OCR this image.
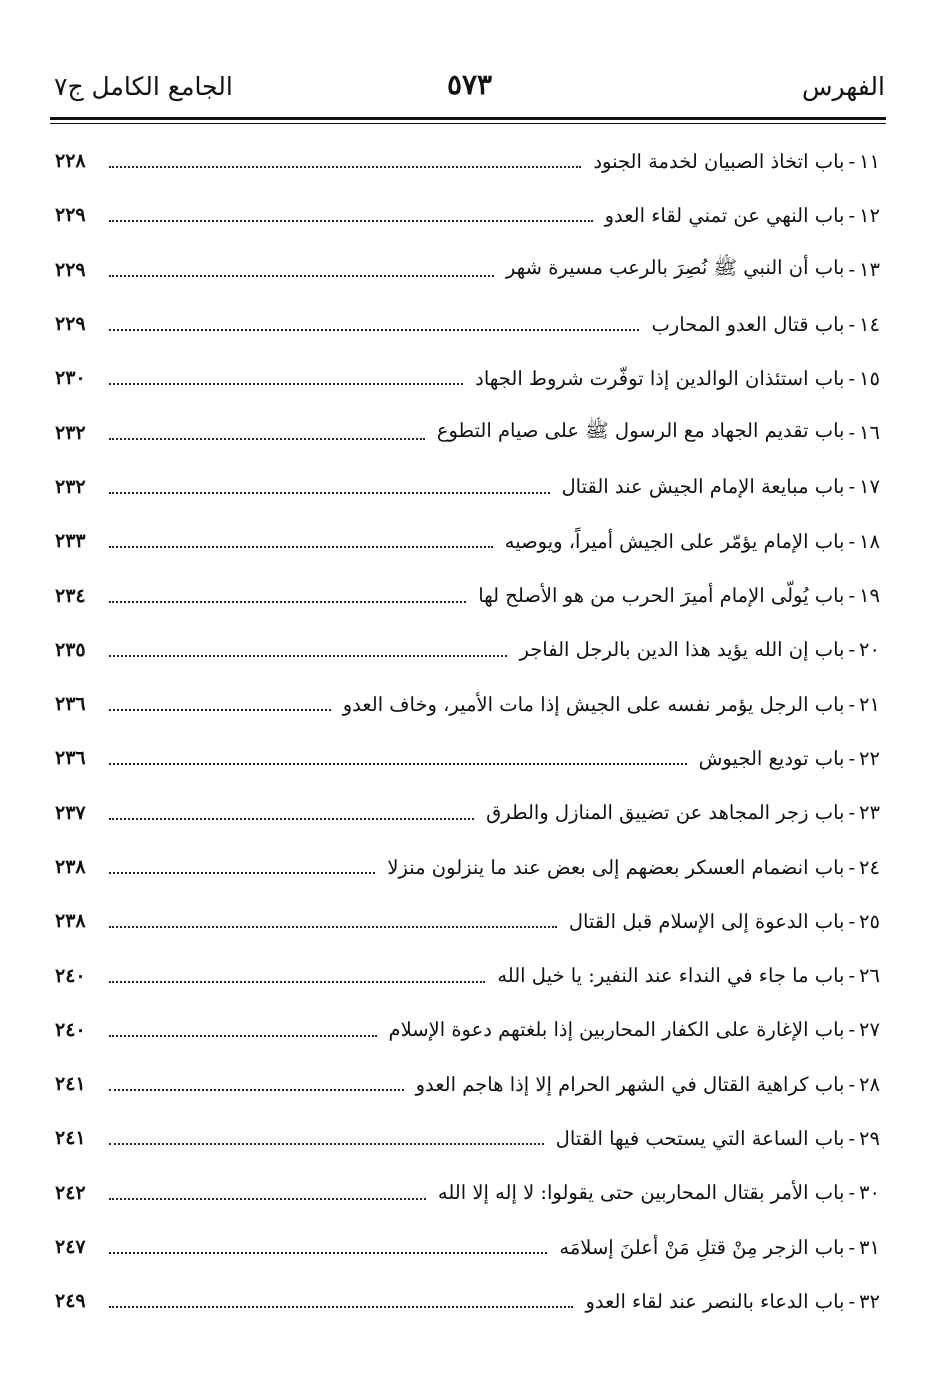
الفهرس
٥٧٣
الجامع الكامل ج٧
١١
-
باب اتخاذ الصبيان لخدمة الجنود
٢٢٨
١٢
-
باب النهي عن تمني لقاء العدو
٢٢٩
١٣
-
باب أن النبي ﷺ نُصِرَ بالرعب مسيرة شهر
٢٢٩
١٤
-
باب قتال العدو المحارب
٢٢٩
١٥
-
باب استئذان الوالدين إذا توفّرت شروط الجهاد
٢٣٠
١٦
-
باب تقديم الجهاد مع الرسول ﷺ على صيام التطوع
٢٣٢
١٧
-
باب مبايعة الإمام الجيش عند القتال
٢٣٢
١٨
-
باب الإمام يؤمّر على الجيش أميراً، ويوصيه
٢٣٣
١٩
-
باب يُولّى الإمام أميرَ الحرب من هو الأصلح لها
٢٣٤
٢٠
-
باب إن الله يؤيد هذا الدين بالرجل الفاجر
٢٣٥
٢١
-
باب الرجل يؤمر نفسه على الجيش إذا مات الأمير، وخاف العدو
٢٣٦
٢٢
-
باب توديع الجيوش
٢٣٦
٢٣
-
باب زجر المجاهد عن تضييق المنازل والطرق
٢٣٧
٢٤
-
باب انضمام العسكر بعضهم إلى بعض عند ما ينزلون منزلا
٢٣٨
٢٥
-
باب الدعوة إلى الإسلام قبل القتال
٢٣٨
٢٦
-
باب ما جاء في النداء عند النفير: يا خيل الله
٢٤٠
٢٧
-
باب الإغارة على الكفار المحاربين إذا بلغتهم دعوة الإسلام
٢٤٠
٢٨
-
باب كراهية القتال في الشهر الحرام إلا إذا هاجم العدو
٢٤١
٢٩
-
باب الساعة التي يستحب فيها القتال
٢٤١
٣٠
-
باب الأمر بقتال المحاربين حتى يقولوا: لا إله إلا الله
٢٤٢
٣١
-
باب الزجر مِنْ قتلِ مَنْ أعلنَ إسلامَه
٢٤٧
٣٢
-
باب الدعاء بالنصر عند لقاء العدو
٢٤٩
